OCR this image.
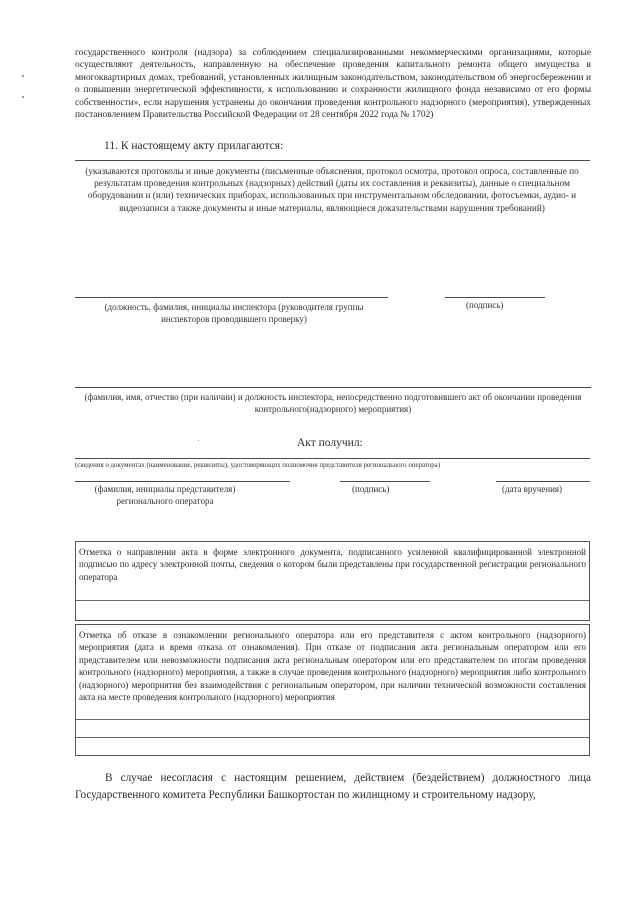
государственного контроля (надзора) за соблюдением специализированными некоммерческими организациями, которые осуществляют деятельность, направленную на обеспечение проведения капитального ремонта общего имущества в многоквартирных домах, требований, установленных жилищным законодательством, законодательством об энергосбережении и о повышении энергетической эффективности, к использованию и сохранности жилищного фонда независимо от его формы собственности», если нарушения устранены до окончания проведения контрольного надзорного (мероприятия), утвержденных постановлением Правительства Российской Федерации от 28 сентября 2022 года № 1702)
11. К настоящему акту прилагаются:
(указываются протоколы и иные документы (письменные объяснения, протокол осмотра, протокол опроса, составленные по результатам проведения контрольных (надзорных) действий (даты их составления и реквизиты), данные о специальном оборудовании и (или) технических приборах, использованных при инструментальном обследовании, фотосъемки, аудио- и видеозаписи а также документы и иные материалы, являющиеся доказательствами нарушения требований)
(должность, фамилия, инициалы инспектора (руководителя группы инспекторов проводившего проверку)
(подпись)
(фамилия, имя, отчество (при наличии) и должность инспектора, непосредственно подготовившего акт об окончании проведения контрольного(надзорного) мероприятия)
Акт получил:
(сведения о документах (наименование, реквизиты), удостоверяющих полномочия представителя регионального оператора)
(фамилия, инициалы представителя) регионального оператора
(подпись)	(дата вручения)
Отметка о направлении акта в форме электронного документа, подписанного усиленной квалифицированной электронной подписью по адресу электронной почты, сведения о котором были представлены при государственной регистрации регионального оператора
Отметка об отказе в ознакомлении регионального оператора или его представителя с актом контрольного (надзорного) мероприятия (дата и время отказа от ознакомления). При отказе от подписания акта региональным оператором или его представителем или невозможности подписания акта региональным оператором или его представителем по итогам проведения контрольного (надзорного) мероприятия, а также в случае проведения контрольного (надзорного) мероприятия либо контрольного (надзорного) мероприятия без взаимодействия с региональным оператором, при наличии технической возможности составления акта на месте проведения контрольного (надзорного) мероприятия
В случае несогласия с настоящим решением, действием (бездействием) должностного лица Государственного комитета Республики Башкортостан по жилищному и строительному надзору,
